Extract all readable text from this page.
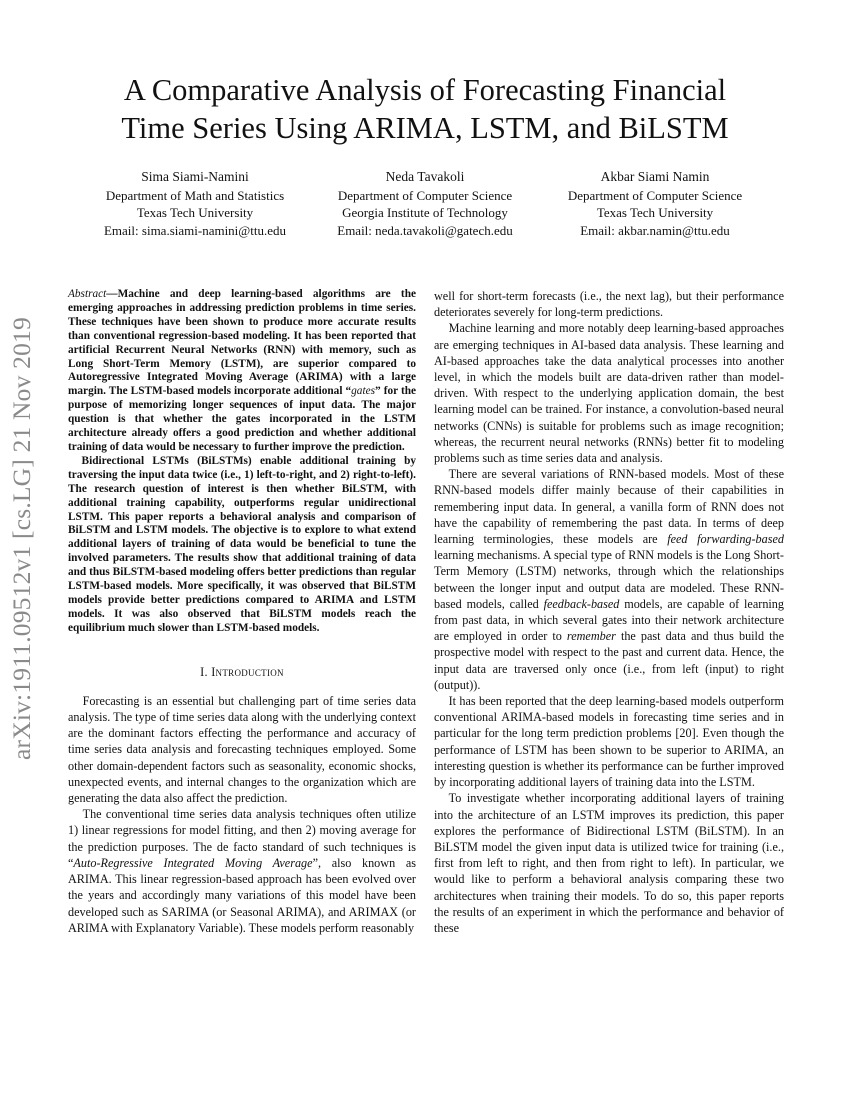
arXiv:1911.09512v1 [cs.LG] 21 Nov 2019
A Comparative Analysis of Forecasting Financial
Time Series Using ARIMA, LSTM, and BiLSTM
Sima Siami-Namini
Department of Math and Statistics
Texas Tech University
Email: sima.siami-namini@ttu.edu
Neda Tavakoli
Department of Computer Science
Georgia Institute of Technology
Email: neda.tavakoli@gatech.edu
Akbar Siami Namin
Department of Computer Science
Texas Tech University
Email: akbar.namin@ttu.edu

Abstract—Machine and deep learning-based algorithms are the emerging approaches in addressing prediction problems in time series. These techniques have been shown to produce more accurate results than conventional regression-based modeling. It has been reported that artificial Recurrent Neural Networks (RNN) with memory, such as Long Short-Term Memory (LSTM), are superior compared to Autoregressive Integrated Moving Average (ARIMA) with a large margin. The LSTM-based models incorporate additional “gates” for the purpose of memorizing longer sequences of input data. The major question is that whether the gates incorporated in the LSTM architecture already offers a good prediction and whether additional training of data would be necessary to further improve the prediction.

Bidirectional LSTMs (BiLSTMs) enable additional training by traversing the input data twice (i.e., 1) left-to-right, and 2) right-to-left). The research question of interest is then whether BiLSTM, with additional training capability, outperforms regular unidirectional LSTM. This paper reports a behavioral analysis and comparison of BiLSTM and LSTM models. The objective is to explore to what extend additional layers of training of data would be beneficial to tune the involved parameters. The results show that additional training of data and thus BiLSTM-based modeling offers better predictions than regular LSTM-based models. More specifically, it was observed that BiLSTM models provide better predictions compared to ARIMA and LSTM models. It was also observed that BiLSTM models reach the equilibrium much slower than LSTM-based models.

I. Introduction

Forecasting is an essential but challenging part of time series data analysis. The type of time series data along with the underlying context are the dominant factors effecting the performance and accuracy of time series data analysis and forecasting techniques employed. Some other domain-dependent factors such as seasonality, economic shocks, unexpected events, and internal changes to the organization which are generating the data also affect the prediction.

The conventional time series data analysis techniques often utilize 1) linear regressions for model fitting, and then 2) moving average for the prediction purposes. The de facto standard of such techniques is “Auto-Regressive Integrated Moving Average”, also known as ARIMA. This linear regression-based approach has been evolved over the years and accordingly many variations of this model have been developed such as SARIMA (or Seasonal ARIMA), and ARIMAX (or ARIMA with Explanatory Variable). These models perform reasonably

well for short-term forecasts (i.e., the next lag), but their performance deteriorates severely for long-term predictions.

Machine learning and more notably deep learning-based approaches are emerging techniques in AI-based data analysis. These learning and AI-based approaches take the data analytical processes into another level, in which the models built are data-driven rather than model-driven. With respect to the underlying application domain, the best learning model can be trained. For instance, a convolution-based neural networks (CNNs) is suitable for problems such as image recognition; whereas, the recurrent neural networks (RNNs) better fit to modeling problems such as time series data and analysis.

There are several variations of RNN-based models. Most of these RNN-based models differ mainly because of their capabilities in remembering input data. In general, a vanilla form of RNN does not have the capability of remembering the past data. In terms of deep learning terminologies, these models are feed forwarding-based learning mechanisms. A special type of RNN models is the Long Short-Term Memory (LSTM) networks, through which the relationships between the longer input and output data are modeled. These RNN-based models, called feedback-based models, are capable of learning from past data, in which several gates into their network architecture are employed in order to remember the past data and thus build the prospective model with respect to the past and current data. Hence, the input data are traversed only once (i.e., from left (input) to right (output)).

It has been reported that the deep learning-based models outperform conventional ARIMA-based models in forecasting time series and in particular for the long term prediction problems [20]. Even though the performance of LSTM has been shown to be superior to ARIMA, an interesting question is whether its performance can be further improved by incorporating additional layers of training data into the LSTM.

To investigate whether incorporating additional layers of training into the architecture of an LSTM improves its prediction, this paper explores the performance of Bidirectional LSTM (BiLSTM). In an BiLSTM model the given input data is utilized twice for training (i.e., first from left to right, and then from right to left). In particular, we would like to perform a behavioral analysis comparing these two architectures when training their models. To do so, this paper reports the results of an experiment in which the performance and behavior of these
